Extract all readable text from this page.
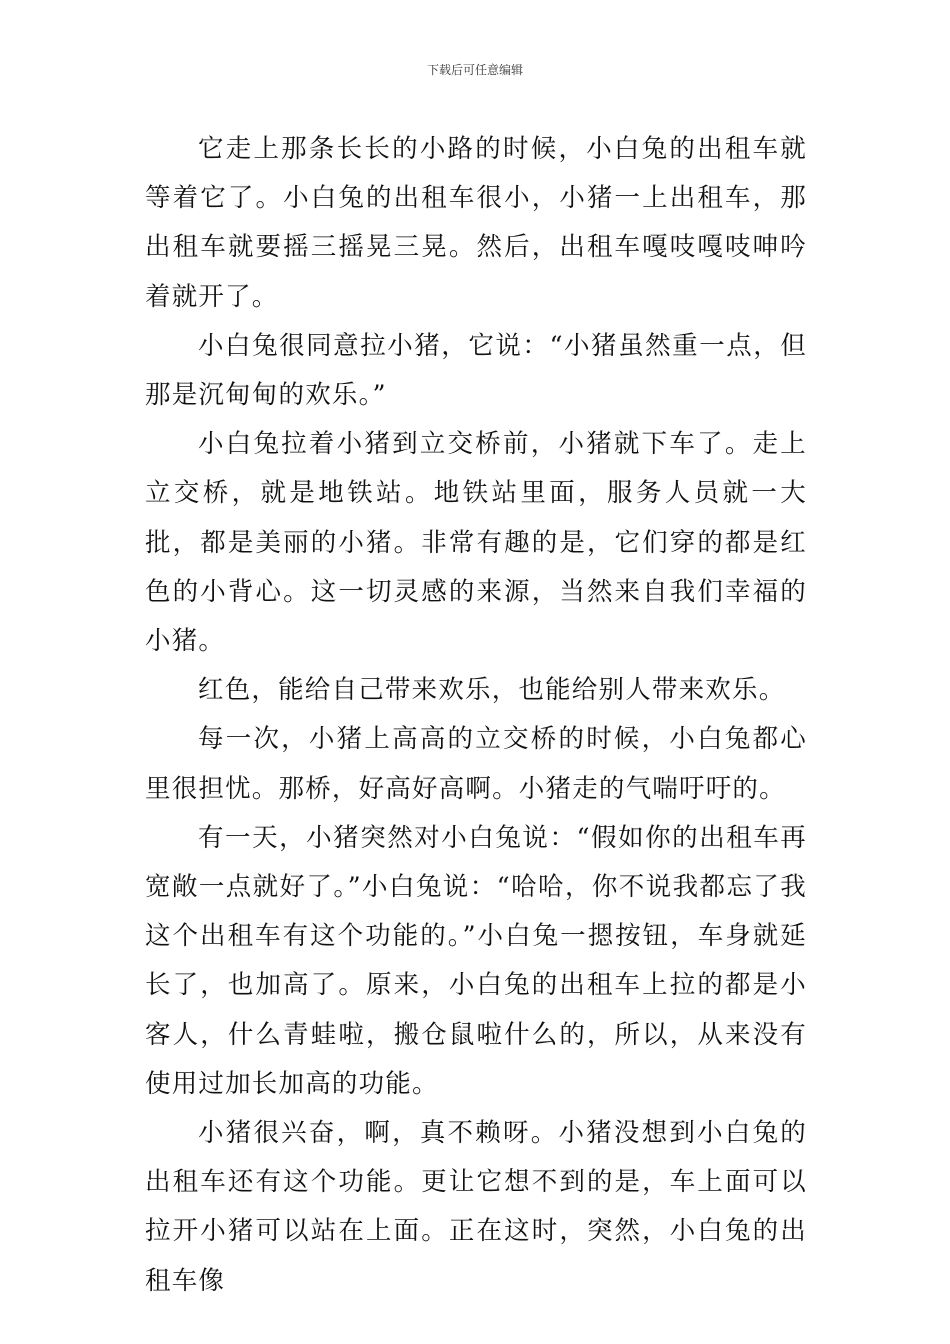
下载后可任意编辑

它走上那条长长的小路的时候，小白兔的出租车就等着它了。小白兔的出租车很小，小猪一上出租车，那出租车就要摇三摇晃三晃。然后，出租车嘎吱嘎吱呻吟着就开了。

小白兔很同意拉小猪，它说：“小猪虽然重一点，但那是沉甸甸的欢乐。”

小白兔拉着小猪到立交桥前，小猪就下车了。走上立交桥，就是地铁站。地铁站里面，服务人员就一大批，都是美丽的小猪。非常有趣的是，它们穿的都是红色的小背心。这一切灵感的来源，当然来自我们幸福的小猪。

红色，能给自己带来欢乐，也能给别人带来欢乐。

每一次，小猪上高高的立交桥的时候，小白兔都心里很担忧。那桥，好高好高啊。小猪走的气喘吁吁的。

有一天，小猪突然对小白兔说：“假如你的出租车再宽敞一点就好了。”小白兔说：“哈哈，你不说我都忘了我这个出租车有这个功能的。”小白兔一摁按钮，车身就延长了，也加高了。原来，小白兔的出租车上拉的都是小客人，什么青蛙啦，搬仓鼠啦什么的，所以，从来没有使用过加长加高的功能。

小猪很兴奋，啊，真不赖呀。小猪没想到小白兔的出租车还有这个功能。更让它想不到的是，车上面可以拉开小猪可以站在上面。正在这时，突然，小白兔的出租车像
